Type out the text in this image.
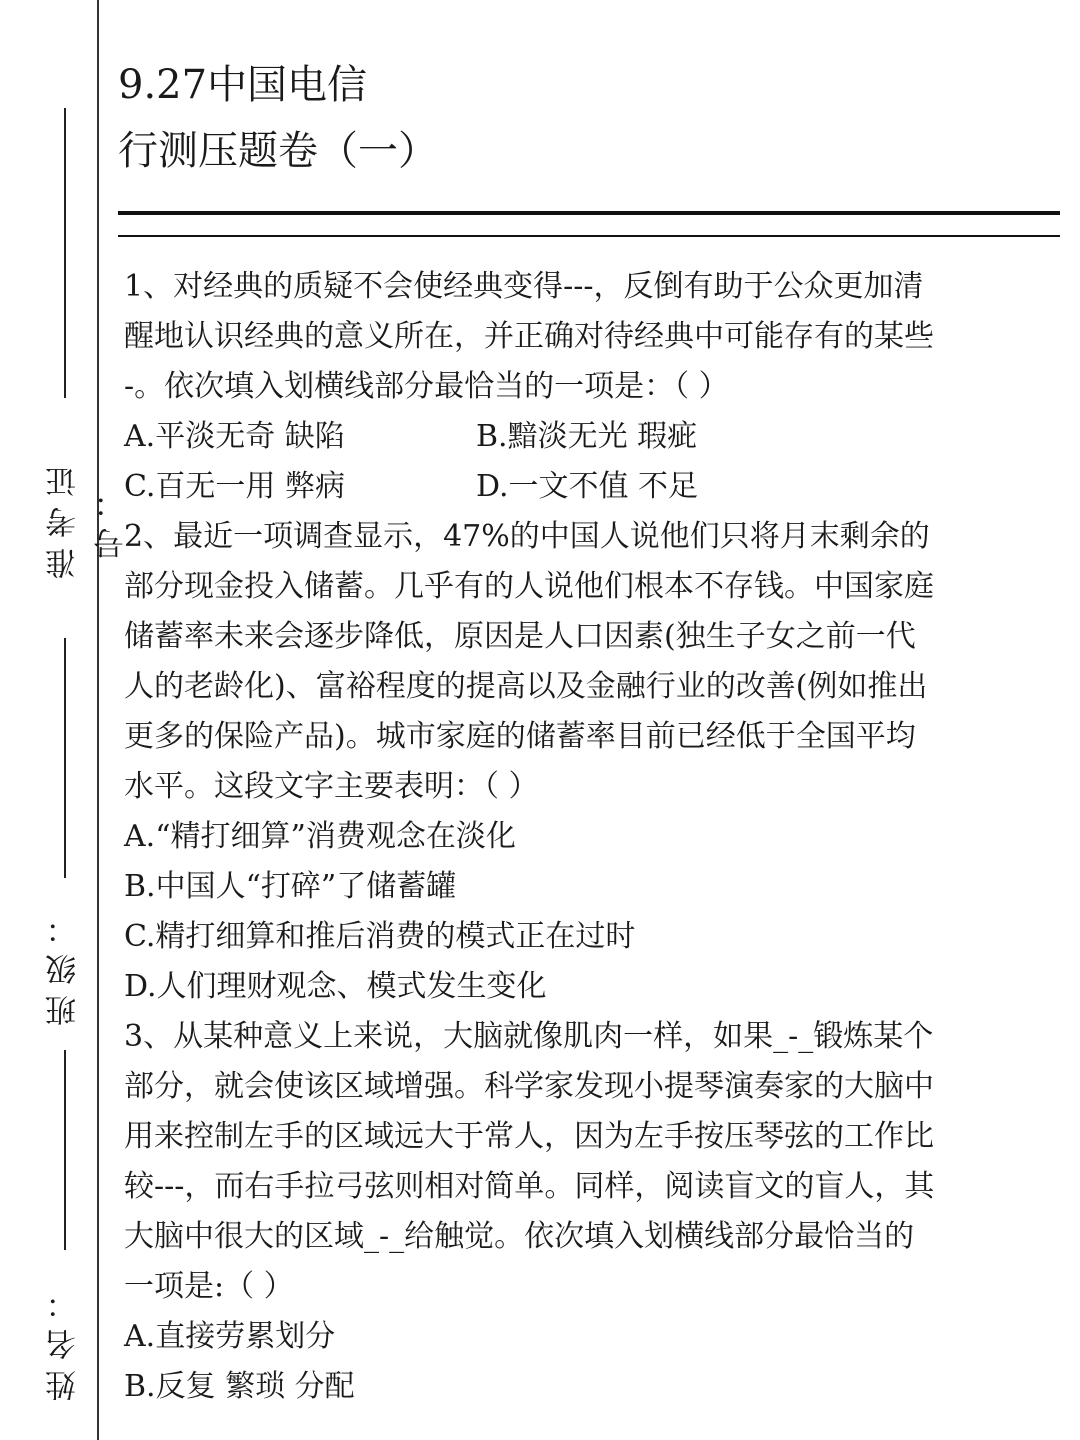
准考证号：
班级：
姓名：
9.27中国电信
行测压题卷（一）

1、对经典的质疑不会使经典变得---，反倒有助于公众更加清

醒地认识经典的意义所在，并正确对待经典中可能存有的某些

-。依次填入划横线部分最恰当的一项是：（ ）

A.平淡无奇 缺陷	B.黯淡无光 瑕疵

C.百无一用 弊病	D.一文不值 不足

2、最近一项调查显示，47%的中国人说他们只将月末剩余的

部分现金投入储蓄。几乎有的人说他们根本不存钱。中国家庭

储蓄率未来会逐步降低，原因是人口因素(独生子女之前一代

人的老龄化)、富裕程度的提高以及金融行业的改善(例如推出

更多的保险产品)。城市家庭的储蓄率目前已经低于全国平均

水平。这段文字主要表明：（ ）

A.“精打细算”消费观念在淡化

B.中国人“打碎”了储蓄罐

C.精打细算和推后消费的模式正在过时

D.人们理财观念、模式发生变化

3、从某种意义上来说，大脑就像肌肉一样，如果_-_锻炼某个

部分，就会使该区域增强。科学家发现小提琴演奏家的大脑中

用来控制左手的区域远大于常人，因为左手按压琴弦的工作比

较---，而右手拉弓弦则相对简单。同样，阅读盲文的盲人，其

大脑中很大的区域_-_给触觉。依次填入划横线部分最恰当的

一项是:（ ）

A.直接劳累划分

B.反复 繁琐 分配
